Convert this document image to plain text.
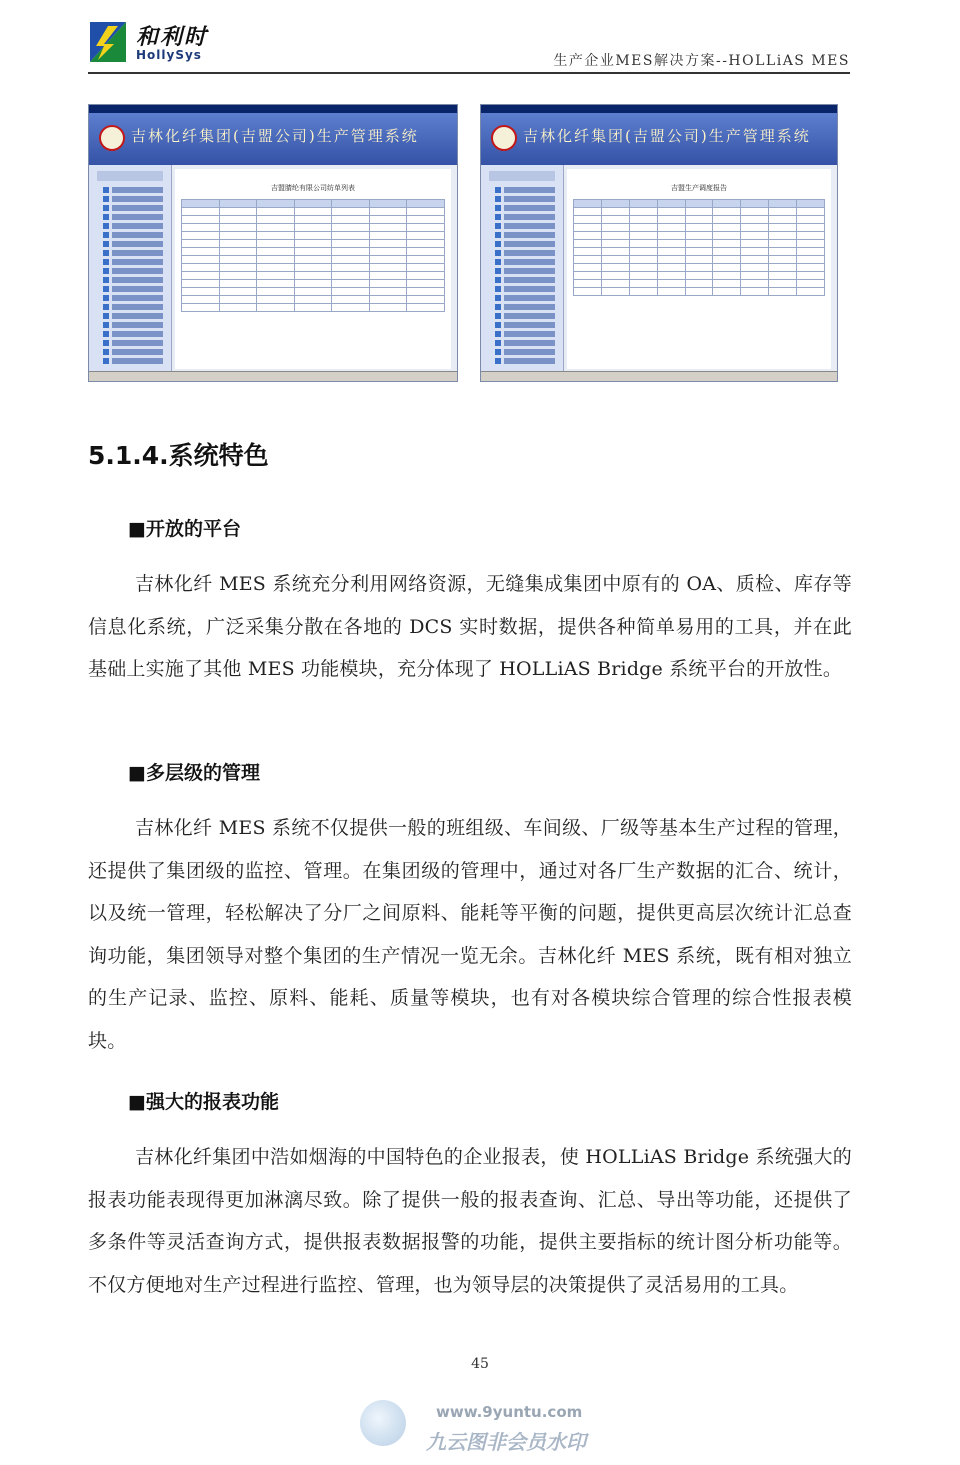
和利时
HollySys	生产企业MES解决方案--HOLLiAS MES
吉林化纤集团(吉盟公司)生产管理系统
吉盟腈纶有限公司纺单列表

吉林化纤集团(吉盟公司)生产管理系统
吉盟生产调度报告

5.1.4.系统特色
■开放的平台

吉林化纤 MES 系统充分利用网络资源，无缝集成集团中原有的 OA、质检、库存等信息化系统，广泛采集分散在各地的 DCS 实时数据，提供各种简单易用的工具，并在此基础上实施了其他 MES 功能模块，充分体现了 HOLLiAS Bridge 系统平台的开放性。

■多层级的管理

吉林化纤 MES 系统不仅提供一般的班组级、车间级、厂级等基本生产过程的管理，还提供了集团级的监控、管理。在集团级的管理中，通过对各厂生产数据的汇合、统计，以及统一管理，轻松解决了分厂之间原料、能耗等平衡的问题，提供更高层次统计汇总查询功能，集团领导对整个集团的生产情况一览无余。吉林化纤 MES 系统，既有相对独立的生产记录、监控、原料、能耗、质量等模块，也有对各模块综合管理的综合性报表模块。

■强大的报表功能

吉林化纤集团中浩如烟海的中国特色的企业报表，使 HOLLiAS Bridge 系统强大的报表功能表现得更加淋漓尽致。除了提供一般的报表查询、汇总、导出等功能，还提供了多条件等灵活查询方式，提供报表数据报警的功能，提供主要指标的统计图分析功能等。不仅方便地对生产过程进行监控、管理，也为领导层的决策提供了灵活易用的工具。

45
www.9yuntu.com
九云图非会员水印
